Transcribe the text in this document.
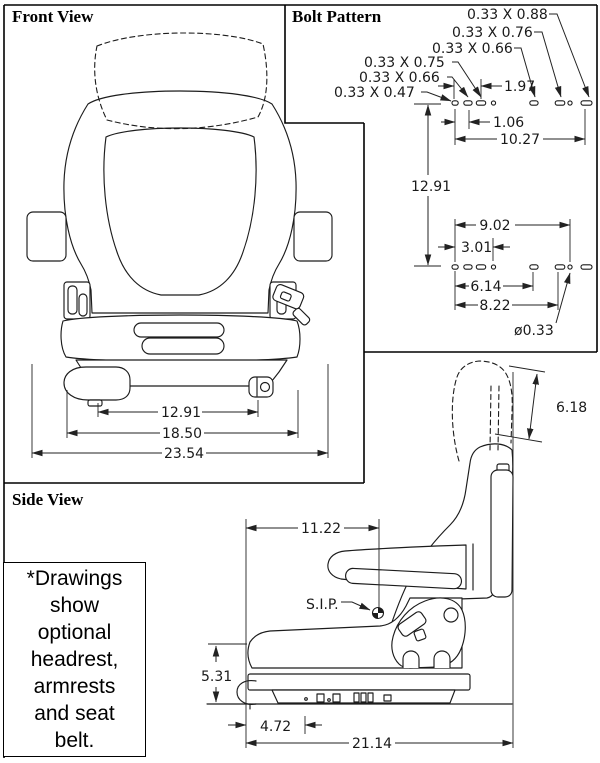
12.91
18.50
23.54
0.33 X 0.88
0.33 X 0.76
0.33 X 0.66
0.33 X 0.75
0.33 X 0.66
0.33 X 0.47	1.97
1.06
10.27
12.91
9.02
3.01
6.14
8.22
ø0.33
6.18
11.22
5.31
4.72
21.14
S.I.P.
Front View	Bolt Pattern
Side View
*Drawings
show
optional
headrest,
armrests
and seat
belt.
